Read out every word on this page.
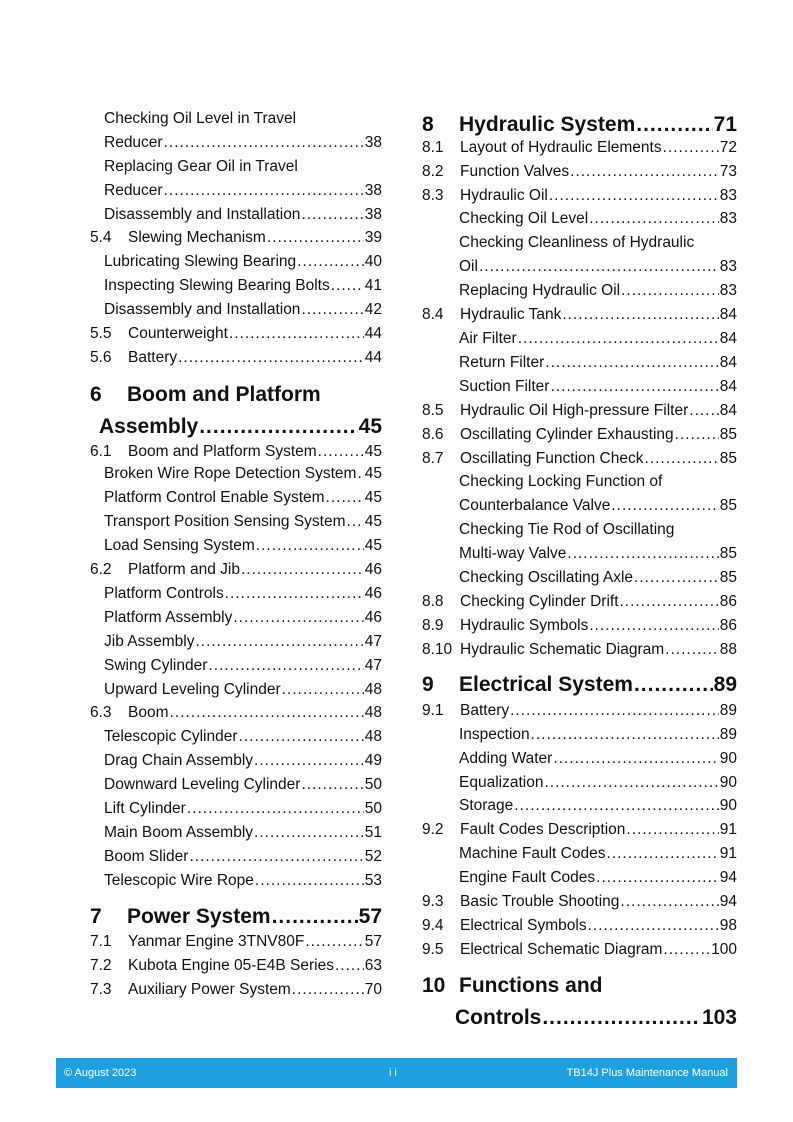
Checking Oil Level in Travel
Reducer .....	38
Replacing Gear Oil in Travel
Reducer .....	38
Disassembly and Installation .....	38
5.4	Slewing Mechanism .....	39
Lubricating Slewing Bearing .....	40
Inspecting Slewing Bearing Bolts ..... 41
Disassembly and Installation .....	42
5.5	Counterweight .....	44
5.6	Battery .....	44
6	Boom and Platform
Assembly .....	45
6.1	Boom and Platform System .....	45
Broken Wire Rope Detection System ..... 45
Platform Control Enable System .....	45
Transport Position Sensing System ..... 45
Load Sensing System .....	45
6.2	Platform and Jib .....	46
Platform Controls .....	46
Platform Assembly .....	46
Jib Assembly .....	47
Swing Cylinder .....	47
Upward Leveling Cylinder .....	48
6.3	Boom .....	48
Telescopic Cylinder .....	48
Drag Chain Assembly .....	49
Downward Leveling Cylinder .....	50
Lift Cylinder .....	50
Main Boom Assembly .....	51
Boom Slider .....	52
Telescopic Wire Rope .....	53
7	Power System .....	57
7.1	Yanmar Engine 3TNV80F .....	57
7.2	Kubota Engine 05-E4B Series ..... 63
7.3	Auxiliary Power System .....	70
8	Hydraulic System .....	71
8.1	Layout of Hydraulic Elements .....	72
8.2	Function Valves .....	73
8.3	Hydraulic Oil .....	83
Checking Oil Level .....	83
Checking Cleanliness of Hydraulic
Oil .....	83
Replacing Hydraulic Oil .....	83
8.4	Hydraulic Tank .....	84
Air Filter .....	84
Return Filter .....	84
Suction Filter .....	84
8.5	Hydraulic Oil High-pressure Filter ..... 84
8.6	Oscillating Cylinder Exhausting .....	85
8.7	Oscillating Function Check .....	85
Checking Locking Function of
Counterbalance Valve .....	85
Checking Tie Rod of Oscillating
Multi-way Valve .....	85
Checking Oscillating Axle .....	85
8.8	Checking Cylinder Drift .....	86
8.9	Hydraulic Symbols .....	86
8.10 Hydraulic Schematic Diagram .....	88
9	Electrical System .....	89
9.1	Battery .....	89
Inspection .....	89
Adding Water .....	90
Equalization .....	90
Storage .....	90
9.2	Fault Codes Description .....	91
Machine Fault Codes .....	91
Engine Fault Codes .....	94
9.3	Basic Trouble Shooting .....	94
9.4	Electrical Symbols .....	98
9.5	Electrical Schematic Diagram .....	100
10 Functions and
Controls .....	103
© August 2023	i i	TB14J Plus Maintenance Manual
